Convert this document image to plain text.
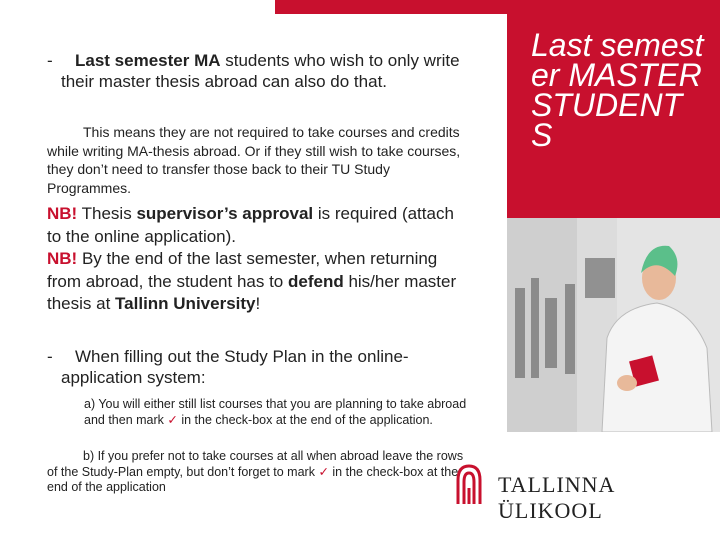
Last semester MASTER STUDENT S
-	Last semester MA students who wish to only write their master thesis abroad can also do that.
This means they are not required to take courses and credits while writing MA-thesis abroad. Or if they still wish to take courses, they don’t need to transfer those back to their TU Study Programmes.
NB! Thesis supervisor’s approval is required (attach to the online application).
NB! By the end of the last semester, when returning from abroad, the student has to defend his/her master thesis at Tallinn University!
-	When filling out the Study Plan in the online-application system:
a) You will either still list courses that you are planning to take abroad and then mark ✓ in the check-box at the end of the application.
b) If you prefer not to take courses at all when abroad leave the rows of the Study-Plan empty, but don’t forget to mark ✓ in the check-box at the end of the application	TALLINNA ÜLIKOOL
